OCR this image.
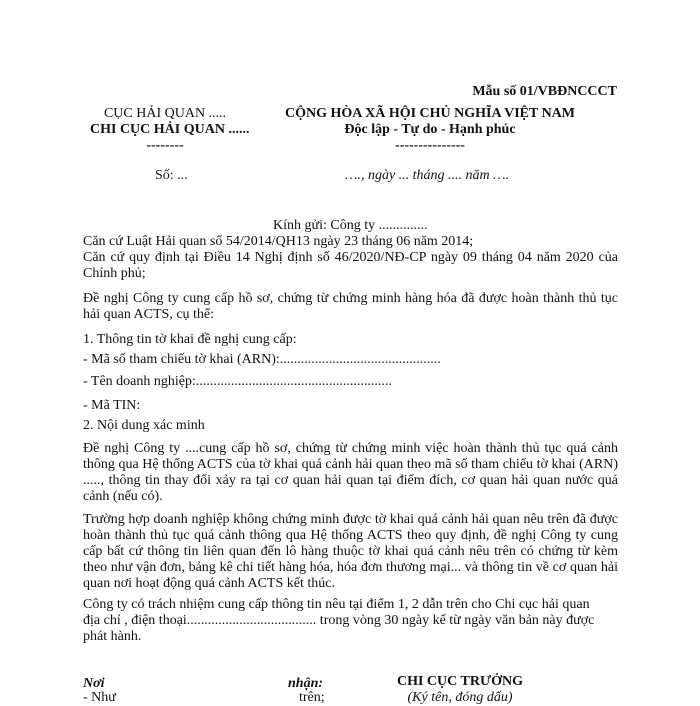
Mẫu số 01/VBĐNCCCT
CỤC HẢI QUAN .....
CHI CỤC HẢI QUAN ......
--------
CỘNG HÒA XÃ HỘI CHỦ NGHĨA VIỆT NAM
Độc lập - Tự do - Hạnh phúc
---------------
Số: ...	…., ngày ... tháng .... năm ….
Kính gửi: Công ty ..............
Căn cứ Luật Hải quan số 54/2014/QH13 ngày 23 tháng 06 năm 2014;
Căn cứ quy định tại Điều 14 Nghị định số 46/2020/NĐ-CP ngày 09 tháng 04 năm 2020 của Chính phủ;
Đề nghị Công ty cung cấp hồ sơ, chứng từ chứng minh hàng hóa đã được hoàn thành thủ tục hải quan ACTS, cụ thể:
1. Thông tin tờ khai đề nghị cung cấp:
- Mã số tham chiếu tờ khai (ARN):..............................................
- Tên doanh nghiệp:........................................................
- Mã TIN:
2. Nội dung xác minh
Đề nghị Công ty ....cung cấp hồ sơ, chứng từ chứng minh việc hoàn thành thủ tục quá cảnh thông qua Hệ thống ACTS của tờ khai quá cảnh hải quan theo mã số tham chiếu tờ khai (ARN) ....., thông tin thay đổi xảy ra tại cơ quan hải quan tại điểm đích, cơ quan hải quan nước quá cảnh (nếu có).
Trường hợp doanh nghiệp không chứng minh được tờ khai quá cảnh hải quan nêu trên đã được hoàn thành thủ tục quá cảnh thông qua Hệ thống ACTS theo quy định, đề nghị Công ty cung cấp bất cứ thông tin liên quan đến lô hàng thuộc tờ khai quá cảnh nêu trên có chứng từ kèm theo như vận đơn, bảng kê chi tiết hàng hóa, hóa đơn thương mại... và thông tin về cơ quan hải quan nơi hoạt động quá cảnh ACTS kết thúc.
Công ty có trách nhiệm cung cấp thông tin nêu tại điểm 1, 2 dẫn trên cho Chi cục hải quan
địa chỉ , điện thoại..................................... trong vòng 30 ngày kể từ ngày văn bản này được phát hành.
Nơi	nhận:
- Như	trên;
CHI CỤC TRƯỞNG
(Ký tên, đóng dấu)
